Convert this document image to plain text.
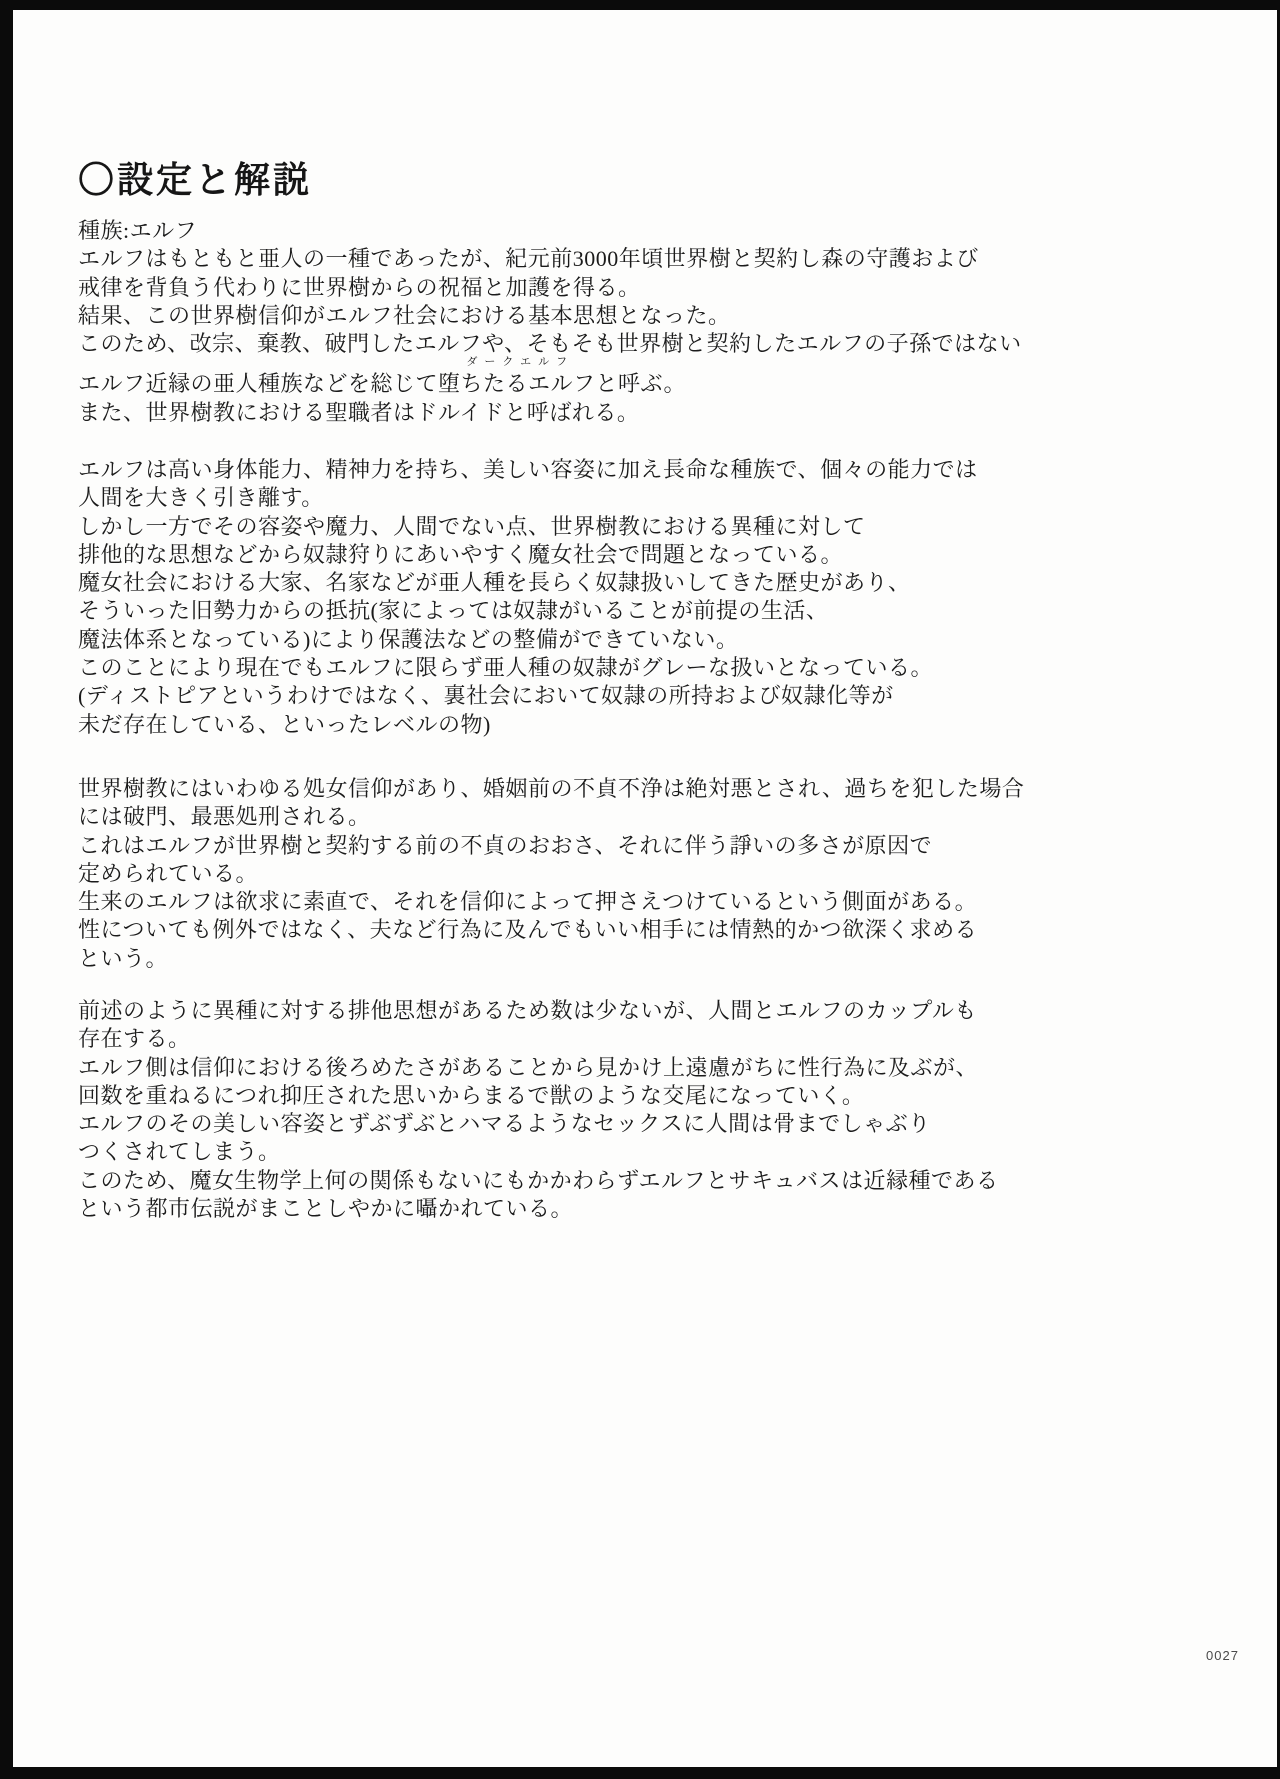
〇設定と解説
種族:エルフ
エルフはもともと亜人の一種であったが、紀元前3000年頃世界樹と契約し森の守護および
戒律を背負う代わりに世界樹からの祝福と加護を得る。
結果、この世界樹信仰がエルフ社会における基本思想となった。
このため、改宗、棄教、破門したエルフや、そもそも世界樹と契約したエルフの子孫ではない
エルフ近縁の亜人種族などを総じて
ダークエルフ
堕ちたるエルフと呼ぶ。
また、世界樹教における聖職者はドルイドと呼ばれる。
エルフは高い身体能力、精神力を持ち、美しい容姿に加え長命な種族で、個々の能力では
人間を大きく引き離す。
しかし一方でその容姿や魔力、人間でない点、世界樹教における異種に対して
排他的な思想などから奴隷狩りにあいやすく魔女社会で問題となっている。
魔女社会における大家、名家などが亜人種を長らく奴隷扱いしてきた歴史があり、
そういった旧勢力からの抵抗(家によっては奴隷がいることが前提の生活、
魔法体系となっている)により保護法などの整備ができていない。
このことにより現在でもエルフに限らず亜人種の奴隷がグレーな扱いとなっている。
(ディストピアというわけではなく、裏社会において奴隷の所持および奴隷化等が
未だ存在している、といったレベルの物)
世界樹教にはいわゆる処女信仰があり、婚姻前の不貞不浄は絶対悪とされ、過ちを犯した場合
には破門、最悪処刑される。
これはエルフが世界樹と契約する前の不貞のおおさ、それに伴う諍いの多さが原因で
定められている。
生来のエルフは欲求に素直で、それを信仰によって押さえつけているという側面がある。
性についても例外ではなく、夫など行為に及んでもいい相手には情熱的かつ欲深く求める
という。
前述のように異種に対する排他思想があるため数は少ないが、人間とエルフのカップルも
存在する。
エルフ側は信仰における後ろめたさがあることから見かけ上遠慮がちに性行為に及ぶが、
回数を重ねるにつれ抑圧された思いからまるで獣のような交尾になっていく。
エルフのその美しい容姿とずぶずぶとハマるようなセックスに人間は骨までしゃぶり
つくされてしまう。
このため、魔女生物学上何の関係もないにもかかわらずエルフとサキュバスは近縁種である
という都市伝説がまことしやかに囁かれている。
0027
